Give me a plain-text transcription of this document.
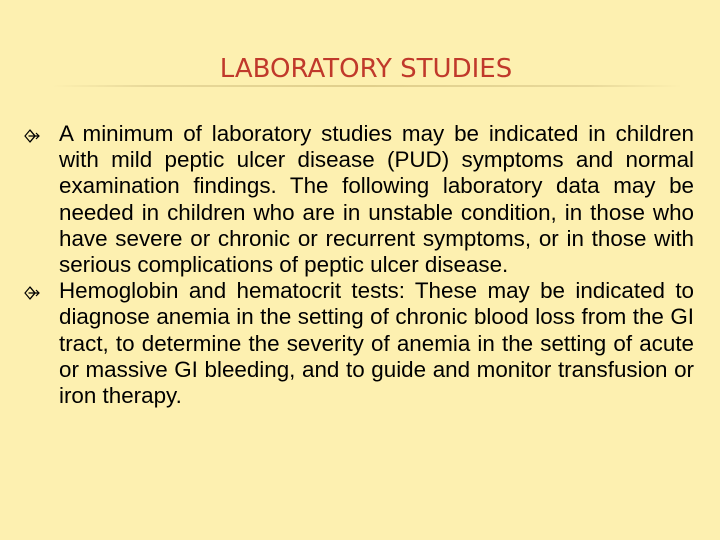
LABORATORY STUDIES
A minimum of laboratory studies may be indicated in children with mild peptic ulcer disease (PUD) symptoms and normal examination findings. The following laboratory data may be needed in children who are in unstable condition, in those who have severe or chronic or recurrent symptoms, or in those with serious complications of peptic ulcer disease.
Hemoglobin and hematocrit tests: These may be indicated to diagnose anemia in the setting of chronic blood loss from the GI tract, to determine the severity of anemia in the setting of acute or massive GI bleeding, and to guide and monitor transfusion or iron therapy.
